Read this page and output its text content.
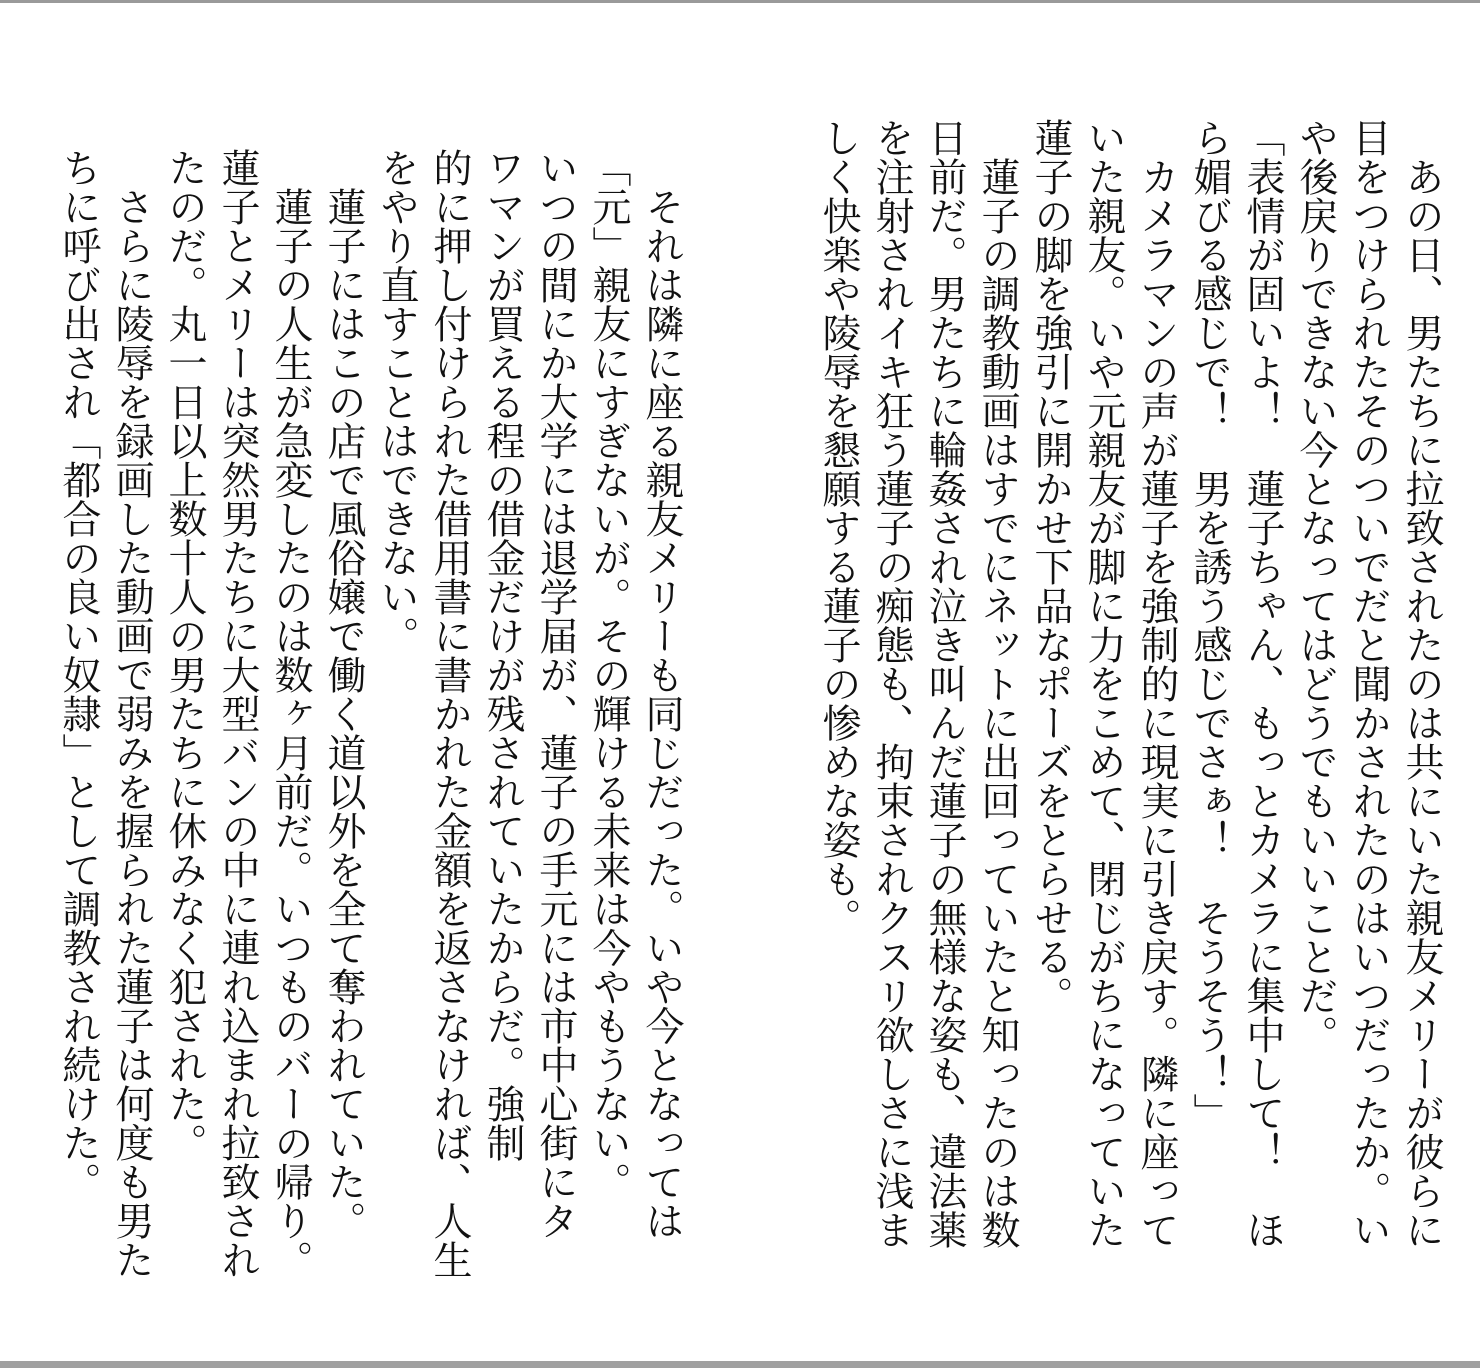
　あの日、男たちに拉致されたのは共にいた親友メリーが彼らに
目をつけられたそのついでだと聞かされたのはいつだったか。い
や後戻りできない今となってはどうでもいいことだ。
「表情が固いよ！　蓮子ちゃん、もっとカメラに集中して！　ほ
ら媚びる感じで！　男を誘う感じでさぁ！　そうそう！」
　カメラマンの声が蓮子を強制的に現実に引き戻す。隣に座って
いた親友。いや元親友が脚に力をこめて、閉じがちになっていた
蓮子の脚を強引に開かせ下品なポーズをとらせる。
　蓮子の調教動画はすでにネットに出回っていたと知ったのは数
日前だ。男たちに輪姦され泣き叫んだ蓮子の無様な姿も、違法薬
を注射されイキ狂う蓮子の痴態も、拘束されクスリ欲しさに浅ま
しく快楽や陵辱を懇願する蓮子の惨めな姿も。
　それは隣に座る親友メリーも同じだった。いや今となっては
「元」親友にすぎないが。その輝ける未来は今やもうない。
いつの間にか大学には退学届が、蓮子の手元には市中心街にタ
ワマンが買える程の借金だけが残されていたからだ。強制
的に押し付けられた借用書に書かれた金額を返さなければ、人生
をやり直すことはできない。
　蓮子にはこの店で風俗嬢で働く道以外を全て奪われていた。
　蓮子の人生が急変したのは数ヶ月前だ。いつものバーの帰り。
蓮子とメリーは突然男たちに大型バンの中に連れ込まれ拉致され
たのだ。丸一日以上数十人の男たちに休みなく犯された。
　さらに陵辱を録画した動画で弱みを握られた蓮子は何度も男た
ちに呼び出され「都合の良い奴隷」として調教され続けた。
